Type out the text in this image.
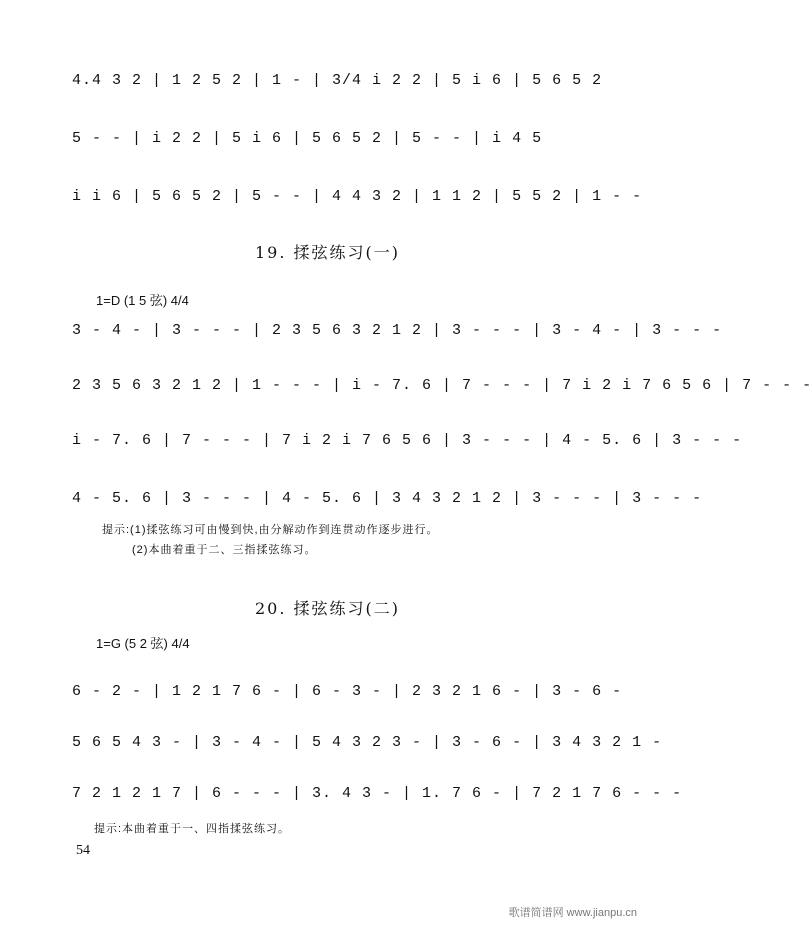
4.4 3 2 | 1 2 5 2 | 1 - | 3/4 i 2 2 | 5 i 6 | 5 6 5 2
5 - - | i 2 2 | 5 i 6 | 5 6 5 2 | 5 - - | i 4 5
i i 6 | 5 6 5 2 | 5 - - | 4 4 3 2 | 1 1 2 | 5 5 2 | 1 - -
19. 揉弦练习(一)
1=D (1 5 弦) 4/4
3 - 4 - | 3 - - - | 2 3 5 6 3 2 1 2 | 3 - - - | 3 - 4 - | 3 - - -
2 3 5 6 3 2 1 2 | 1 - - - | i - 7. 6 | 7 - - - | 7 i 2 i 7 6 5 6 | 7 - - -
i - 7. 6 | 7 - - - | 7 i 2 i 7 6 5 6 | 3 - - - | 4 - 5. 6 | 3 - - -
4 - 5. 6 | 3 - - - | 4 - 5. 6 | 3 4 3 2 1 2 | 3 - - - | 3 - - -
提示:(1)揉弦练习可由慢到快,由分解动作到连贯动作逐步进行。
(2)本曲着重于二、三指揉弦练习。
20. 揉弦练习(二)
1=G (5 2 弦) 4/4
6 - 2 - | 1 2 1 7 6 - | 6 - 3 - | 2 3 2 1 6 - | 3 - 6 -
5 6 5 4 3 - | 3 - 4 - | 5 4 3 2 3 - | 3 - 6 - | 3 4 3 2 1 -
7 2 1 2 1 7 | 6 - - - | 3. 4 3 - | 1. 7 6 - | 7 2 1 7 6 - - -
提示:本曲着重于一、四指揉弦练习。
54
歌谱简谱网 www.jianpu.cn
